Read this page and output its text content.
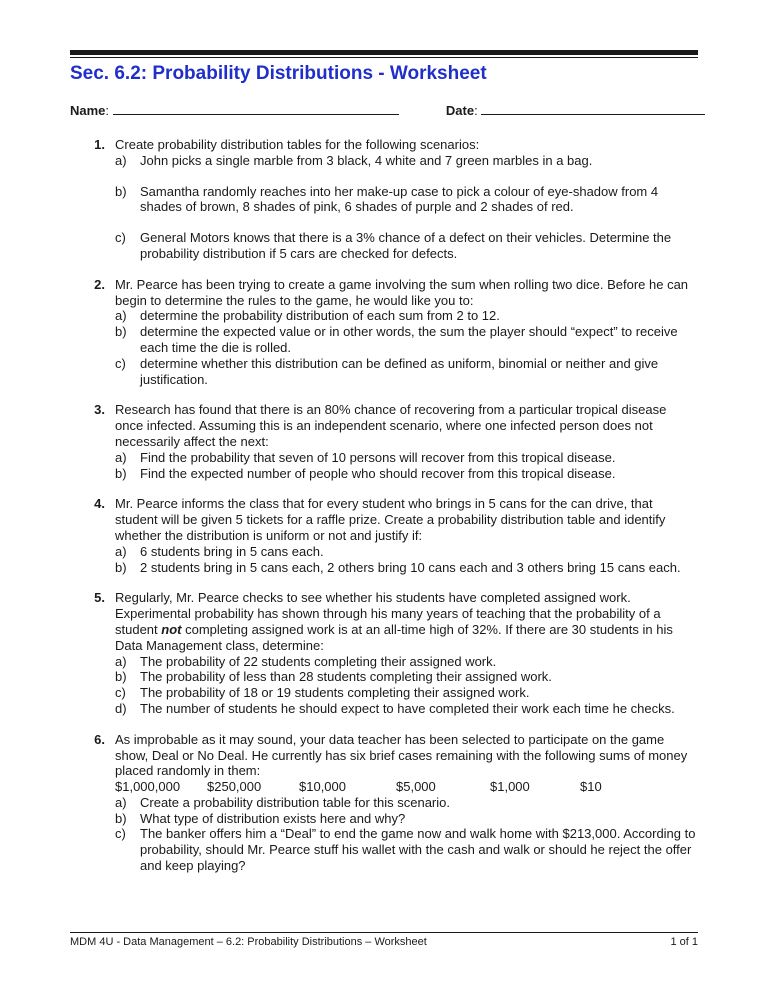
Sec. 6.2: Probability Distributions - Worksheet
Name:	Date:
1. Create probability distribution tables for the following scenarios:
a)	John picks a single marble from 3 black, 4 white and 7 green marbles in a bag.
b)	Samantha randomly reaches into her make-up case to pick a colour of eye-shadow from 4 shades of brown, 8 shades of pink, 6 shades of purple and 2 shades of red.
c)	General Motors knows that there is a 3% chance of a defect on their vehicles. Determine the probability distribution if 5 cars are checked for defects.
2. Mr. Pearce has been trying to create a game involving the sum when rolling two dice. Before he can begin to determine the rules to the game, he would like you to:
a)	determine the probability distribution of each sum from 2 to 12.
b)	determine the expected value or in other words, the sum the player should “expect” to receive each time the die is rolled.
c)	determine whether this distribution can be defined as uniform, binomial or neither and give justification.
3. Research has found that there is an 80% chance of recovering from a particular tropical disease once infected. Assuming this is an independent scenario, where one infected person does not necessarily affect the next:
a)	Find the probability that seven of 10 persons will recover from this tropical disease.
b)	Find the expected number of people who should recover from this tropical disease.
4. Mr. Pearce informs the class that for every student who brings in 5 cans for the can drive, that student will be given 5 tickets for a raffle prize. Create a probability distribution table and identify whether the distribution is uniform or not and justify if:
a)	6 students bring in 5 cans each.
b)	2 students bring in 5 cans each, 2 others bring 10 cans each and 3 others bring 15 cans each.
5. Regularly, Mr. Pearce checks to see whether his students have completed assigned work. Experimental probability has shown through his many years of teaching that the probability of a student not completing assigned work is at an all-time high of 32%. If there are 30 students in his Data Management class, determine:
a)	The probability of 22 students completing their assigned work.
b)	The probability of less than 28 students completing their assigned work.
c)	The probability of 18 or 19 students completing their assigned work.
d)	The number of students he should expect to have completed their work each time he checks.
6. As improbable as it may sound, your data teacher has been selected to participate on the game show, Deal or No Deal. He currently has six brief cases remaining with the following sums of money placed randomly in them:
$1,000,000	$250,000	$10,000	$5,000	$1,000	$10
a)	Create a probability distribution table for this scenario.
b)	What type of distribution exists here and why?
c)	The banker offers him a “Deal” to end the game now and walk home with $213,000. According to probability, should Mr. Pearce stuff his wallet with the cash and walk or should he reject the offer and keep playing?
MDM 4U - Data Management – 6.2: Probability Distributions – Worksheet	1 of 1
